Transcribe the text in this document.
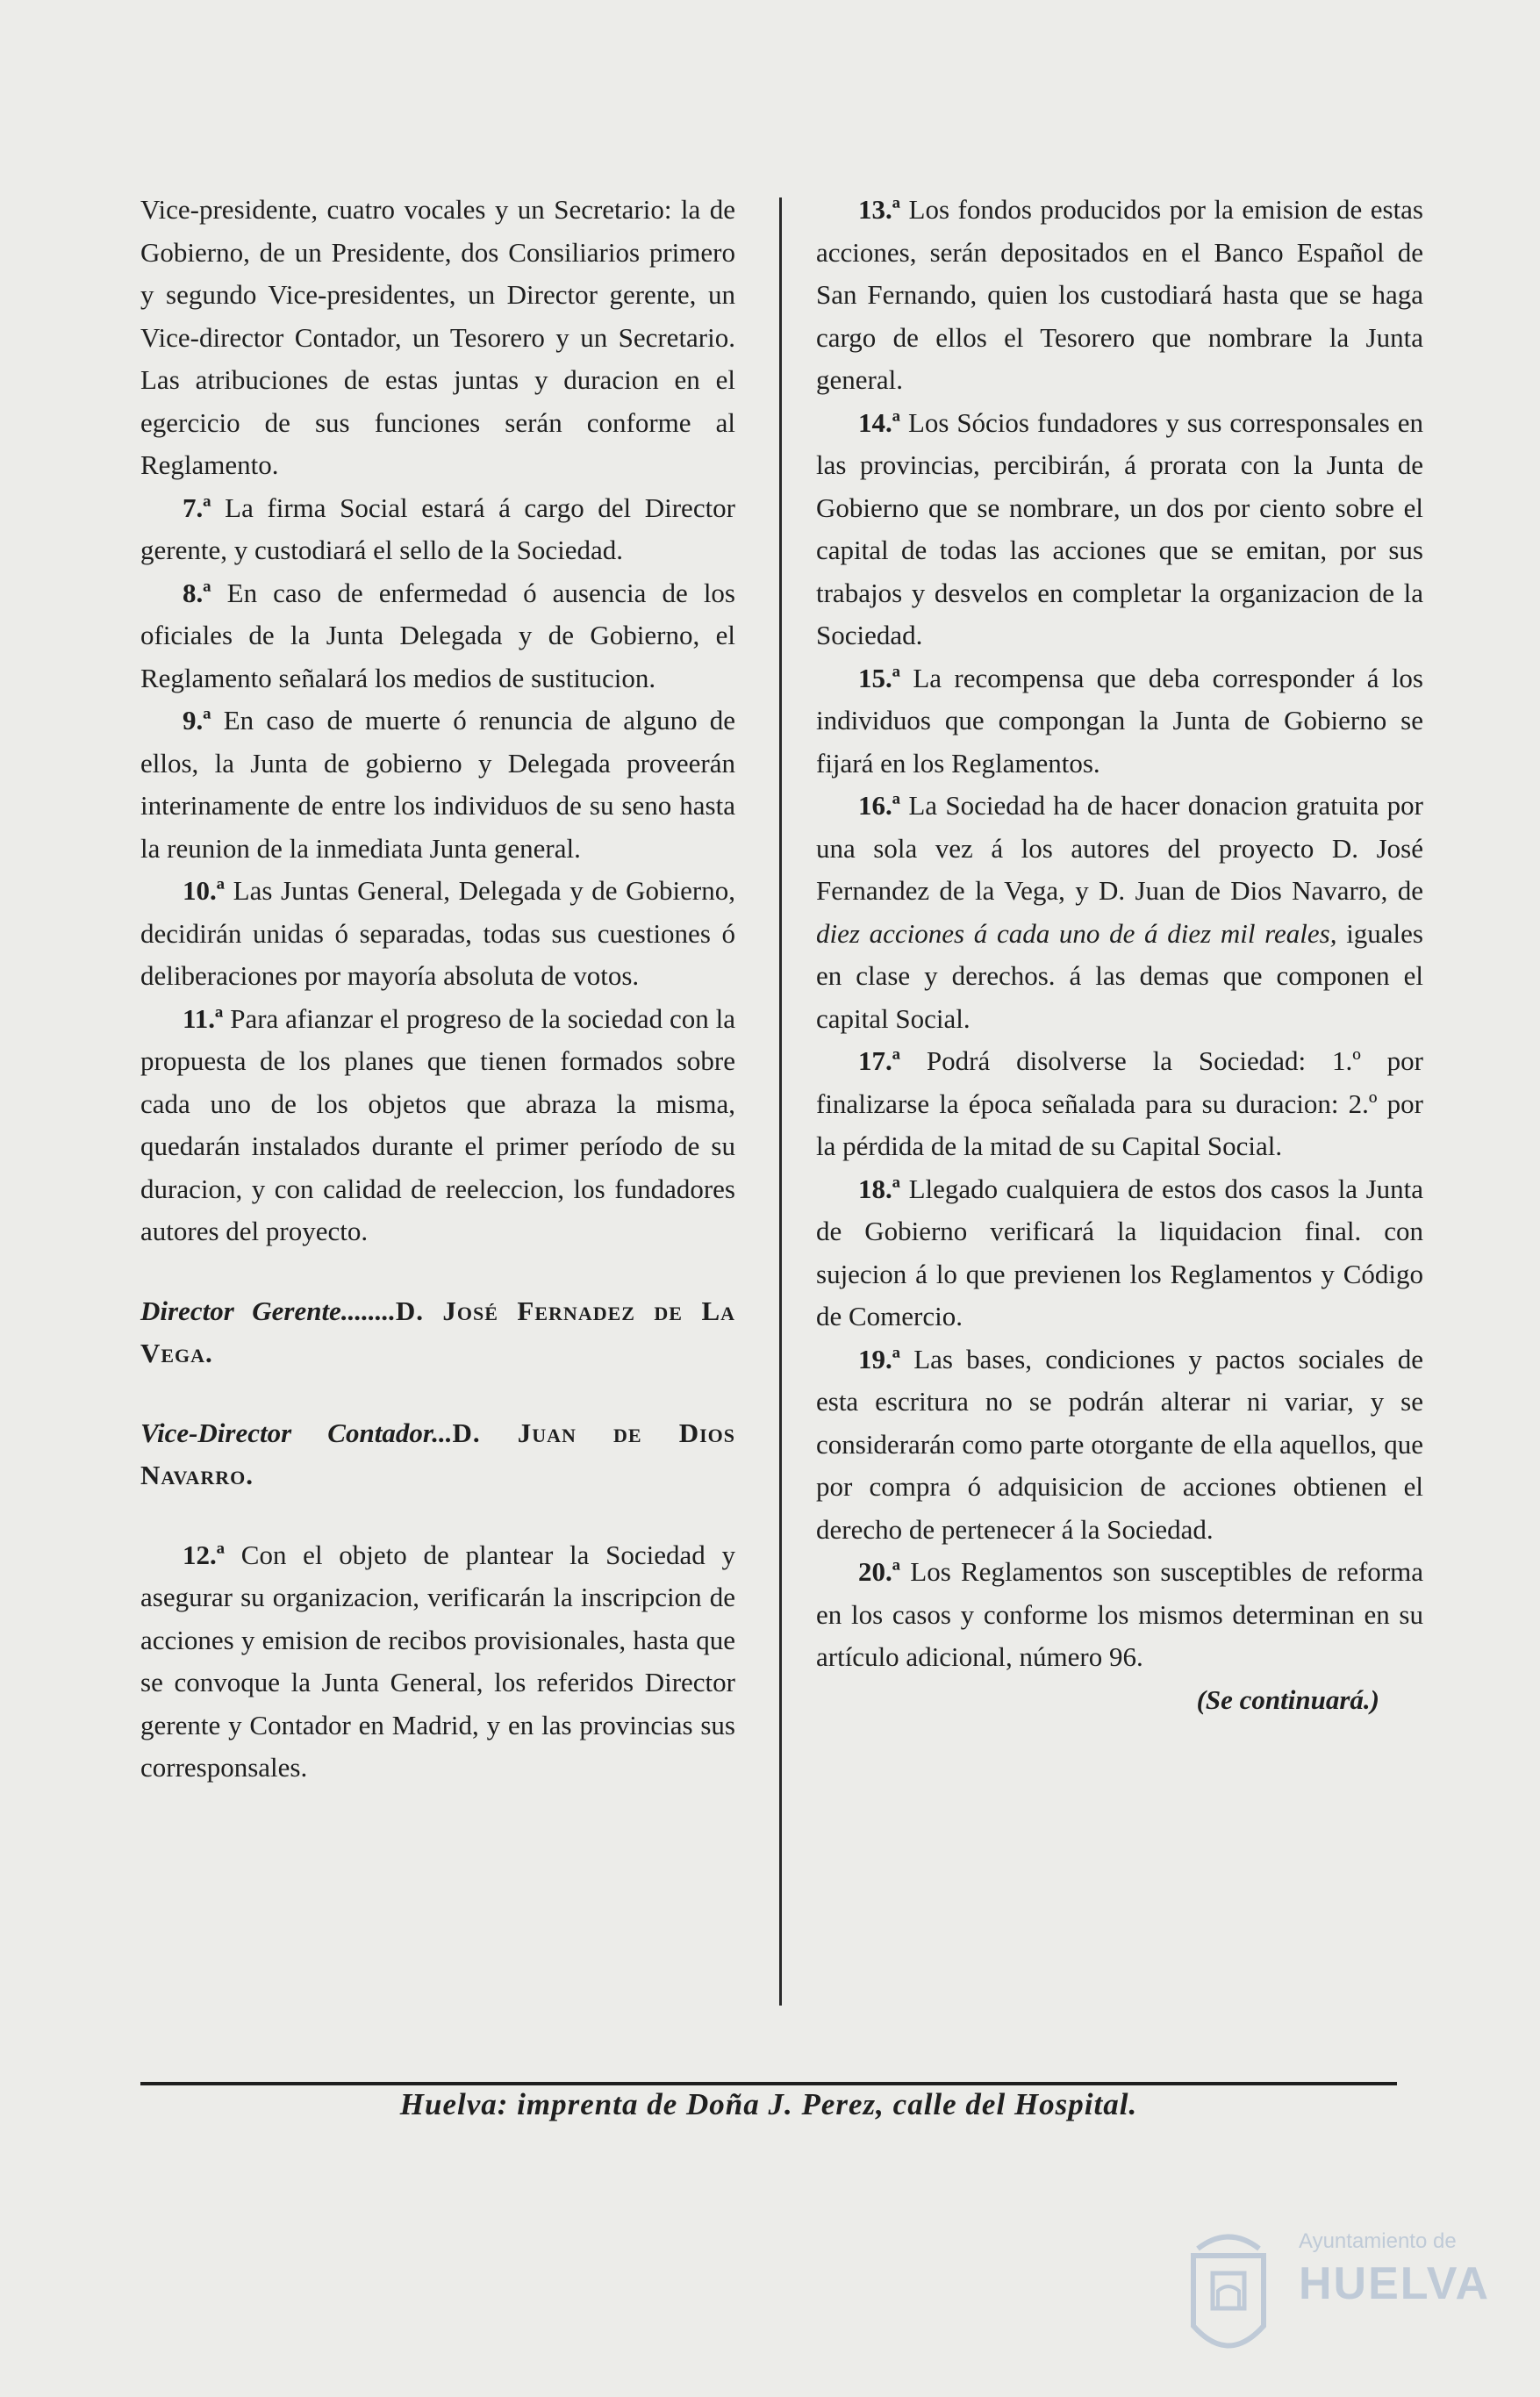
Vice-presidente, cuatro vocales y un Secretario: la de Gobierno, de un Presidente, dos Consiliarios primero y segundo Vice-presidentes, un Director gerente, un Vice-director Contador, un Tesorero y un Secretario. Las atribuciones de estas juntas y duracion en el egercicio de sus funciones serán conforme al Reglamento.

7.ª La firma Social estará á cargo del Director gerente, y custodiará el sello de la Sociedad.

8.ª En caso de enfermedad ó ausencia de los oficiales de la Junta Delegada y de Gobierno, el Reglamento señalará los medios de sustitucion.

9.ª En caso de muerte ó renuncia de alguno de ellos, la Junta de gobierno y Delegada proveerán interinamente de entre los individuos de su seno hasta la reunion de la inmediata Junta general.

10.ª Las Juntas General, Delegada y de Gobierno, decidirán unidas ó separadas, todas sus cuestiones ó deliberaciones por mayoría absoluta de votos.

11.ª Para afianzar el progreso de la sociedad con la propuesta de los planes que tienen formados sobre cada uno de los objetos que abraza la misma, quedarán instalados durante el primer período de su duracion, y con calidad de reeleccion, los fundadores autores del proyecto.

Director Gerente........D. José Fernadez de La Vega.

Vice-Director Contador...D. Juan de Dios Navarro.

12.ª Con el objeto de plantear la Sociedad y asegurar su organizacion, verificarán la inscripcion de acciones y emision de recibos provisionales, hasta que se convoque la Junta General, los referidos Director gerente y Contador en Madrid, y en las provincias sus corresponsales.

13.ª Los fondos producidos por la emision de estas acciones, serán depositados en el Banco Español de San Fernando, quien los custodiará hasta que se haga cargo de ellos el Tesorero que nombrare la Junta general.

14.ª Los Sócios fundadores y sus corresponsales en las provincias, percibirán, á prorata con la Junta de Gobierno que se nombrare, un dos por ciento sobre el capital de todas las acciones que se emitan, por sus trabajos y desvelos en completar la organizacion de la Sociedad.

15.ª La recompensa que deba corresponder á los individuos que compongan la Junta de Gobierno se fijará en los Reglamentos.

16.ª La Sociedad ha de hacer donacion gratuita por una sola vez á los autores del proyecto D. José Fernandez de la Vega, y D. Juan de Dios Navarro, de diez acciones á cada uno de á diez mil reales, iguales en clase y derechos. á las demas que componen el capital Social.

17.ª Podrá disolverse la Sociedad: 1.º por finalizarse la época señalada para su duracion: 2.º por la pérdida de la mitad de su Capital Social.

18.ª Llegado cualquiera de estos dos casos la Junta de Gobierno verificará la liquidacion final. con sujecion á lo que previenen los Reglamentos y Código de Comercio.

19.ª Las bases, condiciones y pactos sociales de esta escritura no se podrán alterar ni variar, y se considerarán como parte otorgante de ella aquellos, que por compra ó adquisicion de acciones obtienen el derecho de pertenecer á la Sociedad.

20.ª Los Reglamentos son susceptibles de reforma en los casos y conforme los mismos determinan en su artículo adicional, número 96.

(Se continuará.)

Huelva: imprenta de Doña J. Perez, calle del Hospital.
Ayuntamiento de
HUELVA
